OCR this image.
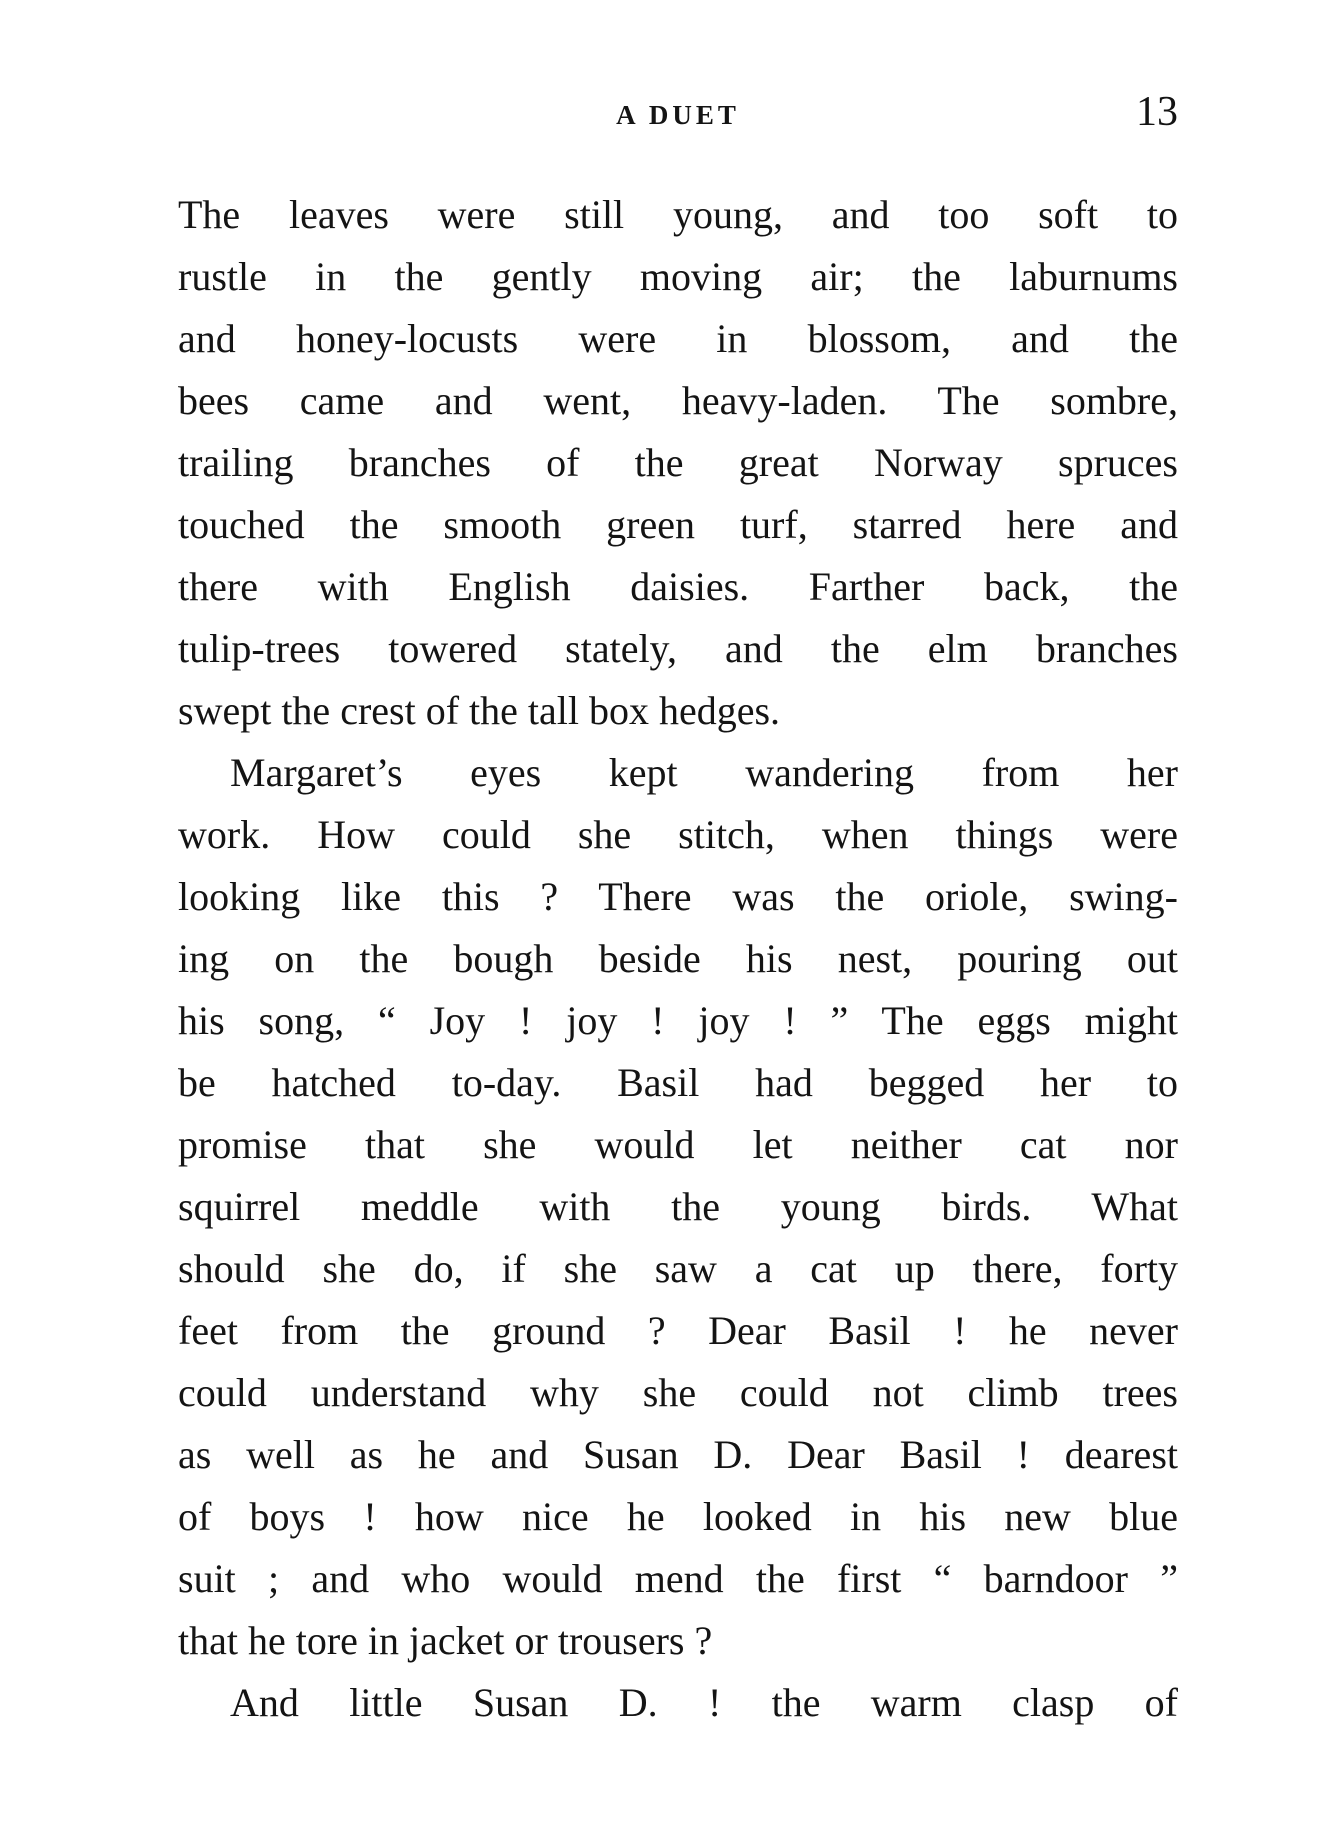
A DUET	13
The leaves were still young, and too soft to
rustle in the gently moving air; the laburnums
and honey-locusts were in blossom, and the
bees came and went, heavy-laden. The sombre,
trailing branches of the great Norway spruces
touched the smooth green turf, starred here and
there with English daisies. Farther back, the
tulip-trees towered stately, and the elm branches
swept the crest of the tall box hedges.
Margaret’s eyes kept wandering from her
work. How could she stitch, when things were
looking like this ? There was the oriole, swing-
ing on the bough beside his nest, pouring out
his song, “ Joy ! joy ! joy ! ” The eggs might
be hatched to-day. Basil had begged her to
promise that she would let neither cat nor
squirrel meddle with the young birds. What
should she do, if she saw a cat up there, forty
feet from the ground ? Dear Basil ! he never
could understand why she could not climb trees
as well as he and Susan D. Dear Basil ! dearest
of boys ! how nice he looked in his new blue
suit ; and who would mend the first “ barndoor ”
that he tore in jacket or trousers ?
And little Susan D. ! the warm clasp of
